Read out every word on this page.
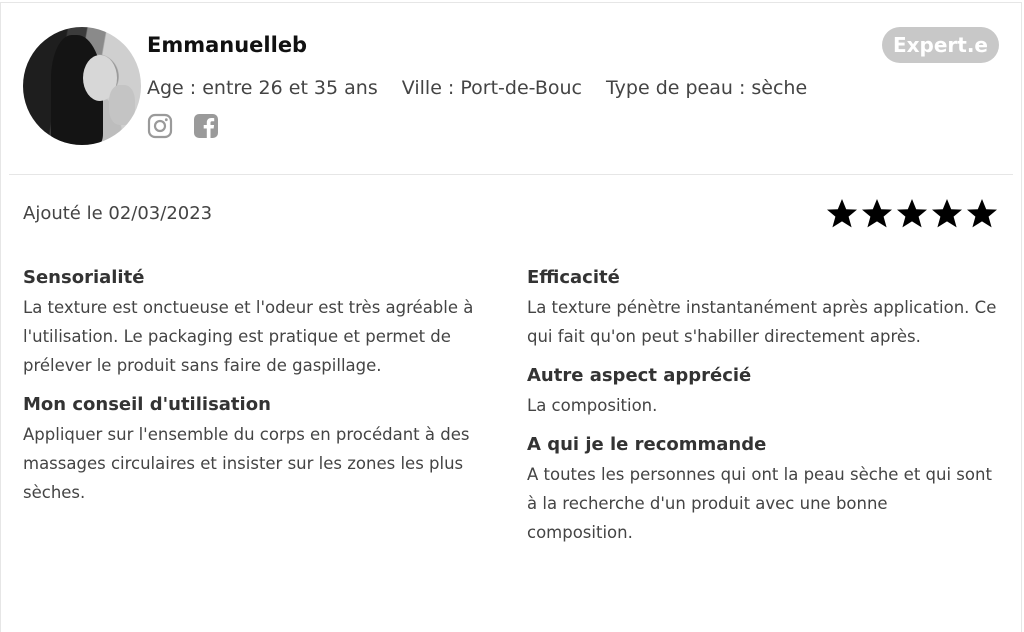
Emmanuelleb
Age : entre 26 et 35 ans Ville : Port-de-Bouc Type de peau : sèche
Expert.e
Ajouté le 02/03/2023
Sensorialité

La texture est onctueuse et l'odeur est très agréable à l'utilisation. Le packaging est pratique et permet de prélever le produit sans faire de gaspillage.

Mon conseil d'utilisation

Appliquer sur l'ensemble du corps en procédant à des massages circulaires et insister sur les zones les plus sèches.

Efficacité

La texture pénètre instantanément après application. Ce qui fait qu'on peut s'habiller directement après.

Autre aspect apprécié

La composition.

A qui je le recommande

A toutes les personnes qui ont la peau sèche et qui sont à la recherche d'un produit avec une bonne composition.
